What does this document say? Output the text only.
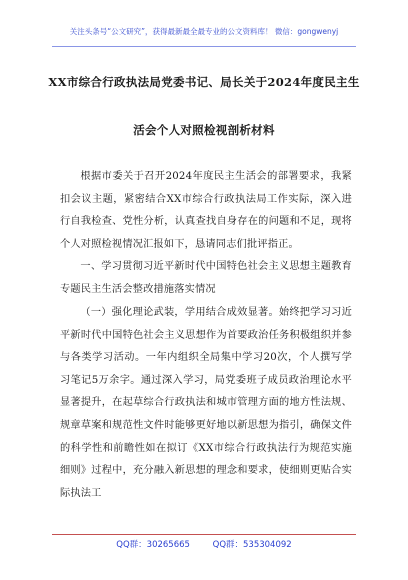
关注头条号“公文研究”，获得最新最全最专业的公文资料库！ 微信：gongwenyj
XX市综合行政执法局党委书记、局长关于2024年度民主生
活会个人对照检视剖析材料

根据市委关于召开2024年度民主生活会的部署要求，我紧扣会议主题，紧密结合XX市综合行政执法局工作实际，深入进行自我检查、党性分析，认真查找自身存在的问题和不足，现将个人对照检视情况汇报如下，恳请同志们批评指正。

一、学习贯彻习近平新时代中国特色社会主义思想主题教育专题民主生活会整改措施落实情况

（一）强化理论武装，学用结合成效显著。始终把学习习近平新时代中国特色社会主义思想作为首要政治任务积极组织并参与各类学习活动。一年内组织全局集中学习20次，个人撰写学习笔记5万余字。通过深入学习，局党委班子成员政治理论水平显著提升，在起草综合行政执法和城市管理方面的地方性法规、规章草案和规范性文件时能够更好地以新思想为指引，确保文件的科学性和前瞻性如在拟订《XX市综合行政执法行为规范实施细则》过程中，充分融入新思想的理念和要求，使细则更贴合实际执法工

QQ群：30265665	QQ群：535304092
